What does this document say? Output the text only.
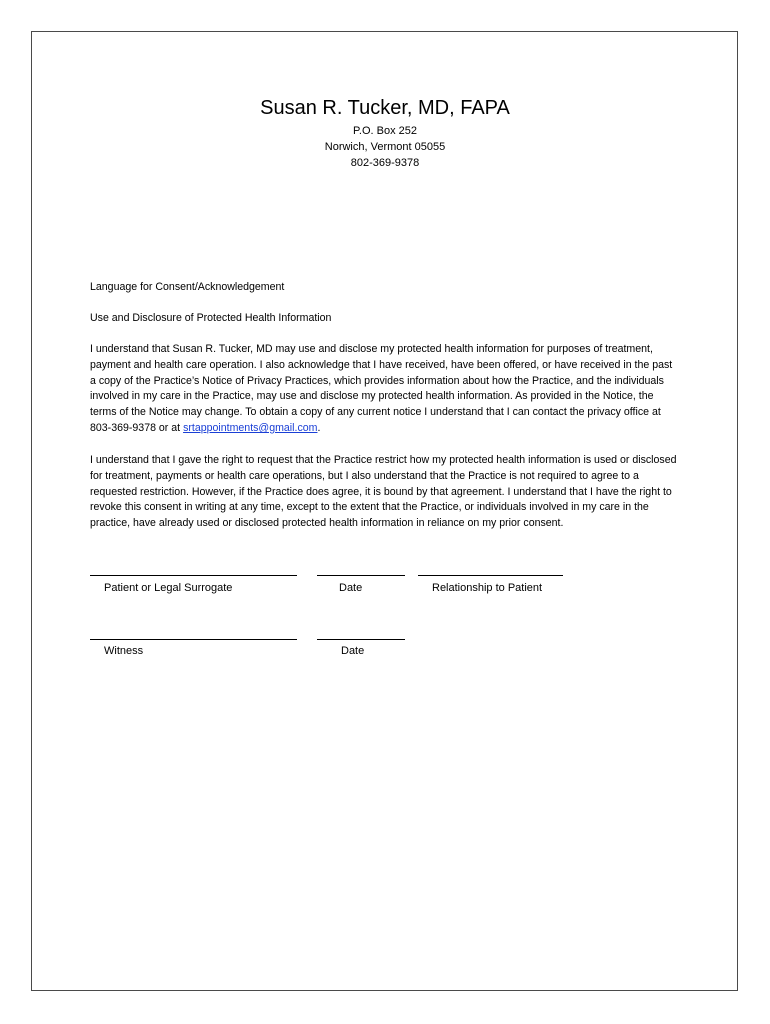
Susan R. Tucker, MD, FAPA
P.O. Box 252
Norwich, Vermont 05055
802-369-9378
Language for Consent/Acknowledgement
Use and Disclosure of Protected Health Information
I understand that Susan R. Tucker, MD may use and disclose my protected health information for purposes of treatment, payment and health care operation. I also acknowledge that I have received, have been offered, or have received in the past a copy of the Practice’s Notice of Privacy Practices, which provides information about how the Practice, and the individuals involved in my care in the Practice, may use and disclose my protected health information. As provided in the Notice, the terms of the Notice may change. To obtain a copy of any current notice I understand that I can contact the privacy office at 803-369-9378 or at srtappointments@gmail.com.
I understand that I gave the right to request that the Practice restrict how my protected health information is used or disclosed for treatment, payments or health care operations, but I also understand that the Practice is not required to agree to a requested restriction. However, if the Practice does agree, it is bound by that agreement. I understand that I have the right to revoke this consent in writing at any time, except to the extent that the Practice, or individuals involved in my care in the practice, have already used or disclosed protected health information in reliance on my prior consent.
Patient or Legal Surrogate	Date	Relationship to Patient
Witness	Date
